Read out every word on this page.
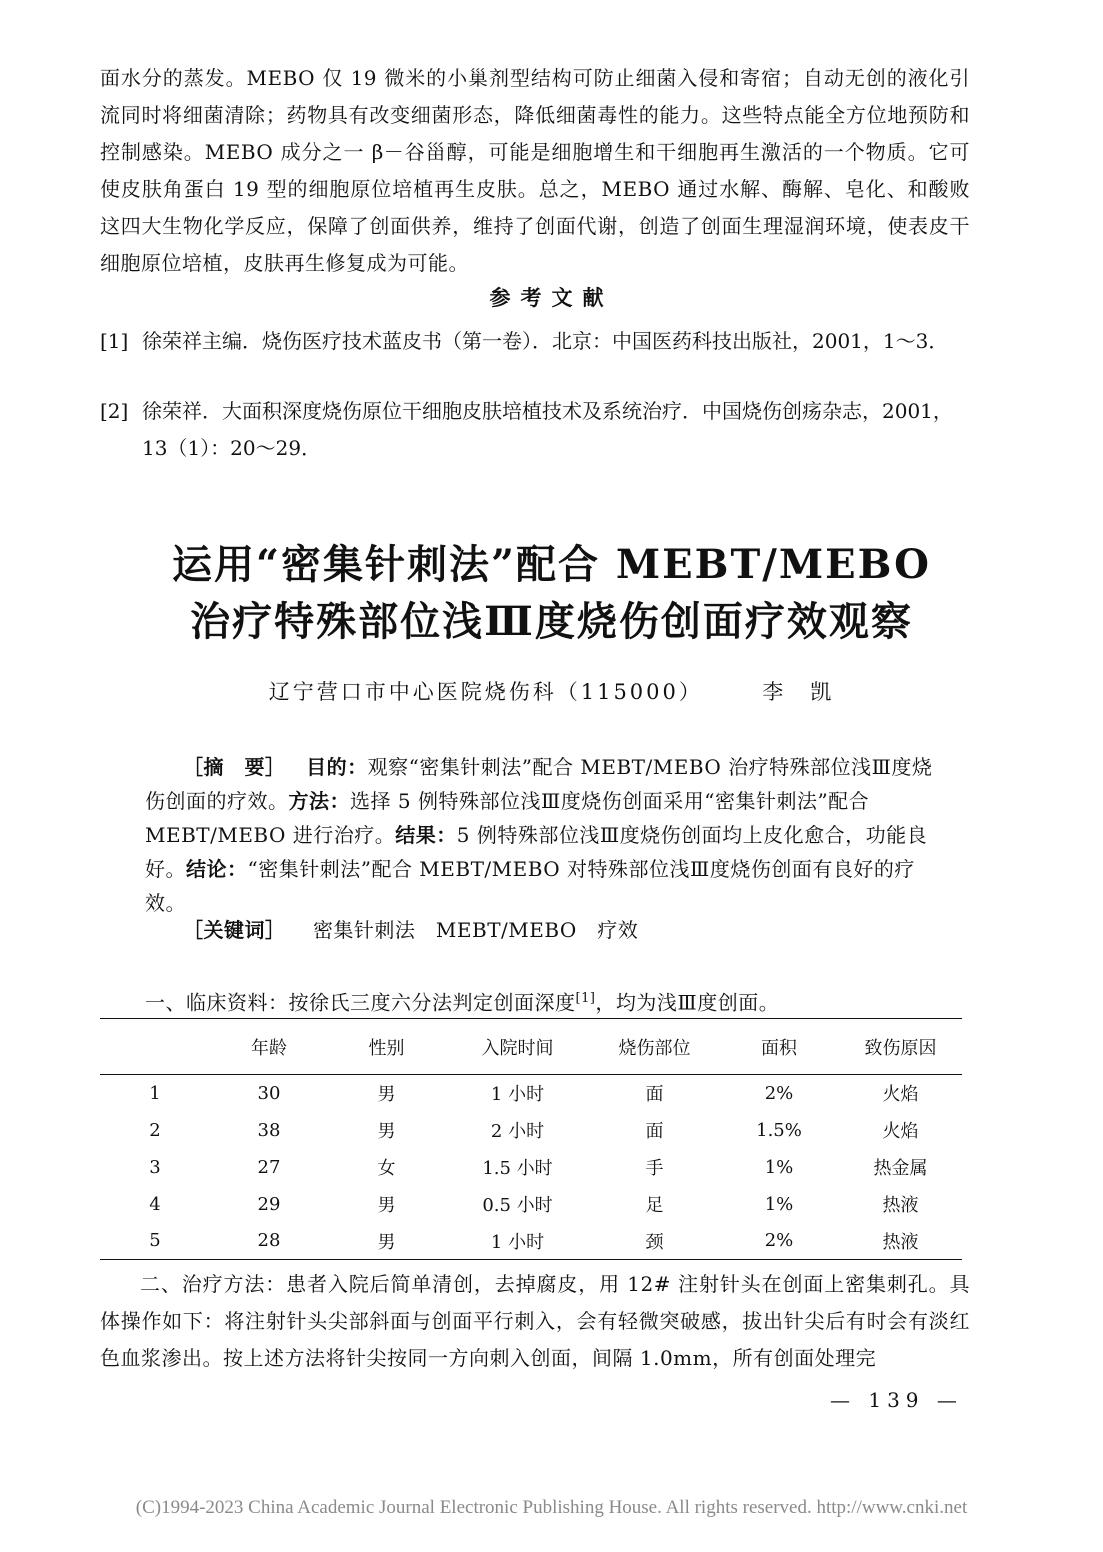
面水分的蒸发。MEBO 仅 19 微米的小巢剂型结构可防止细菌入侵和寄宿；自动无创的液化引流同时将细菌清除；药物具有改变细菌形态，降低细菌毒性的能力。这些特点能全方位地预防和控制感染。MEBO 成分之一 β－谷甾醇，可能是细胞增生和干细胞再生激活的一个物质。它可使皮肤角蛋白 19 型的细胞原位培植再生皮肤。总之，MEBO 通过水解、酶解、皂化、和酸败这四大生物化学反应，保障了创面供养，维持了创面代谢，创造了创面生理湿润环境，使表皮干细胞原位培植，皮肤再生修复成为可能。
参考文献
[1] 徐荣祥主编．烧伤医疗技术蓝皮书（第一卷）．北京：中国医药科技出版社，2001，1～3．
[2] 徐荣祥．大面积深度烧伤原位干细胞皮肤培植技术及系统治疗．中国烧伤创疡杂志，2001，13（1）：20～29．
运用“密集针刺法”配合 MEBT/MEBO
治疗特殊部位浅Ⅲ度烧伤创面疗效观察
辽宁营口市中心医院烧伤科（115000）	李　凯
［摘　要］ 目的：观察“密集针刺法”配合 MEBT/MEBO 治疗特殊部位浅Ⅲ度烧伤创面的疗效。方法：选择 5 例特殊部位浅Ⅲ度烧伤创面采用“密集针刺法”配合 MEBT/MEBO 进行治疗。结果：5 例特殊部位浅Ⅲ度烧伤创面均上皮化愈合，功能良好。结论：“密集针刺法”配合 MEBT/MEBO 对特殊部位浅Ⅲ度烧伤创面有良好的疗效。
［关键词］ 密集针刺法　MEBT/MEBO　疗效
一、临床资料：按徐氏三度六分法判定创面深度[1]，均为浅Ⅲ度创面。
	年龄	性别	入院时间	烧伤部位	面积	致伤原因
1	30	男	1 小时	面	2%	火焰
2	38	男	2 小时	面	1.5%	火焰
3	27	女	1.5 小时	手	1%	热金属
4	29	男	0.5 小时	足	1%	热液
5	28	男	1 小时	颈	2%	热液
二、治疗方法：患者入院后简单清创，去掉腐皮，用 12# 注射针头在创面上密集刺孔。具体操作如下：将注射针头尖部斜面与创面平行刺入，会有轻微突破感，拔出针尖后有时会有淡红色血浆渗出。按上述方法将针尖按同一方向刺入创面，间隔 1.0mm，所有创面处理完
— 139 —
(C)1994-2023 China Academic Journal Electronic Publishing House. All rights reserved. http://www.cnki.net
